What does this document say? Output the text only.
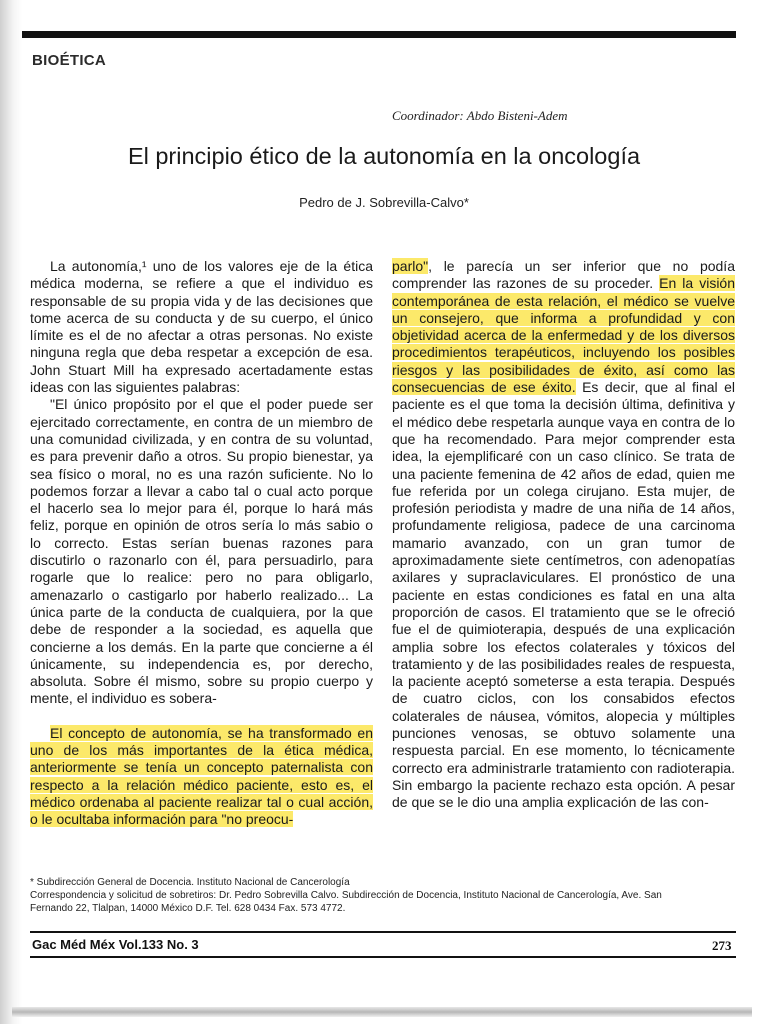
BIOÉTICA
Coordinador: Abdo Bisteni-Adem
El principio ético de la autonomía en la oncología
Pedro de J. Sobrevilla-Calvo*

La autonomía,¹ uno de los valores eje de la ética médica moderna, se refiere a que el individuo es responsable de su propia vida y de las decisiones que tome acerca de su conducta y de su cuerpo, el único límite es el de no afectar a otras personas. No existe ninguna regla que deba respetar a excepción de esa. John Stuart Mill ha expresado acertadamente estas ideas con las siguientes palabras:

"El único propósito por el que el poder puede ser ejercitado correctamente, en contra de un miembro de una comunidad civilizada, y en contra de su voluntad, es para prevenir daño a otros. Su propio bienestar, ya sea físico o moral, no es una razón suficiente. No lo podemos forzar a llevar a cabo tal o cual acto porque el hacerlo sea lo mejor para él, porque lo hará más feliz, porque en opinión de otros sería lo más sabio o lo correcto. Estas serían buenas razones para discutirlo o razonarlo con él, para persuadirlo, para rogarle que lo realice: pero no para obligarlo, amenazarlo o castigarlo por haberlo realizado... La única parte de la conducta de cualquiera, por la que debe de responder a la sociedad, es aquella que concierne a los demás. En la parte que concierne a él únicamente, su independencia es, por derecho, absoluta. Sobre él mismo, sobre su propio cuerpo y mente, el individuo es sobera-

El concepto de autonomía, se ha transformado en uno de los más importantes de la ética médica, anteriormente se tenía un concepto paternalista con respecto a la relación médico paciente, esto es, el médico ordenaba al paciente realizar tal o cual acción, o le ocultaba información para "no preocu-

parlo", le parecía un ser inferior que no podía comprender las razones de su proceder. En la visión contemporánea de esta relación, el médico se vuelve un consejero, que informa a profundidad y con objetividad acerca de la enfermedad y de los diversos procedimientos terapéuticos, incluyendo los posibles riesgos y las posibilidades de éxito, así como las consecuencias de ese éxito. Es decir, que al final el paciente es el que toma la decisión última, definitiva y el médico debe respetarla aunque vaya en contra de lo que ha recomendado. Para mejor comprender esta idea, la ejemplificaré con un caso clínico. Se trata de una paciente femenina de 42 años de edad, quien me fue referida por un colega cirujano. Esta mujer, de profesión periodista y madre de una niña de 14 años, profundamente religiosa, padece de una carcinoma mamario avanzado, con un gran tumor de aproximadamente siete centímetros, con adenopatías axilares y supraclaviculares. El pronóstico de una paciente en estas condiciones es fatal en una alta proporción de casos. El tratamiento que se le ofreció fue el de quimioterapia, después de una explicación amplia sobre los efectos colaterales y tóxicos del tratamiento y de las posibilidades reales de respuesta, la paciente aceptó someterse a esta terapia. Después de cuatro ciclos, con los consabidos efectos colaterales de náusea, vómitos, alopecia y múltiples punciones venosas, se obtuvo solamente una respuesta parcial. En ese momento, lo técnicamente correcto era administrarle tratamiento con radioterapia. Sin embargo la paciente rechazo esta opción. A pesar de que se le dio una amplia explicación de las con-

* Subdirección General de Docencia. Instituto Nacional de Cancerología
Correspondencia y solicitud de sobretiros: Dr. Pedro Sobrevilla Calvo. Subdirección de Docencia, Instituto Nacional de Cancerología, Ave. San
Fernando 22, Tlalpan, 14000 México D.F. Tel. 628 0434 Fax. 573 4772.
Gac Méd Méx Vol.133 No. 3	273
